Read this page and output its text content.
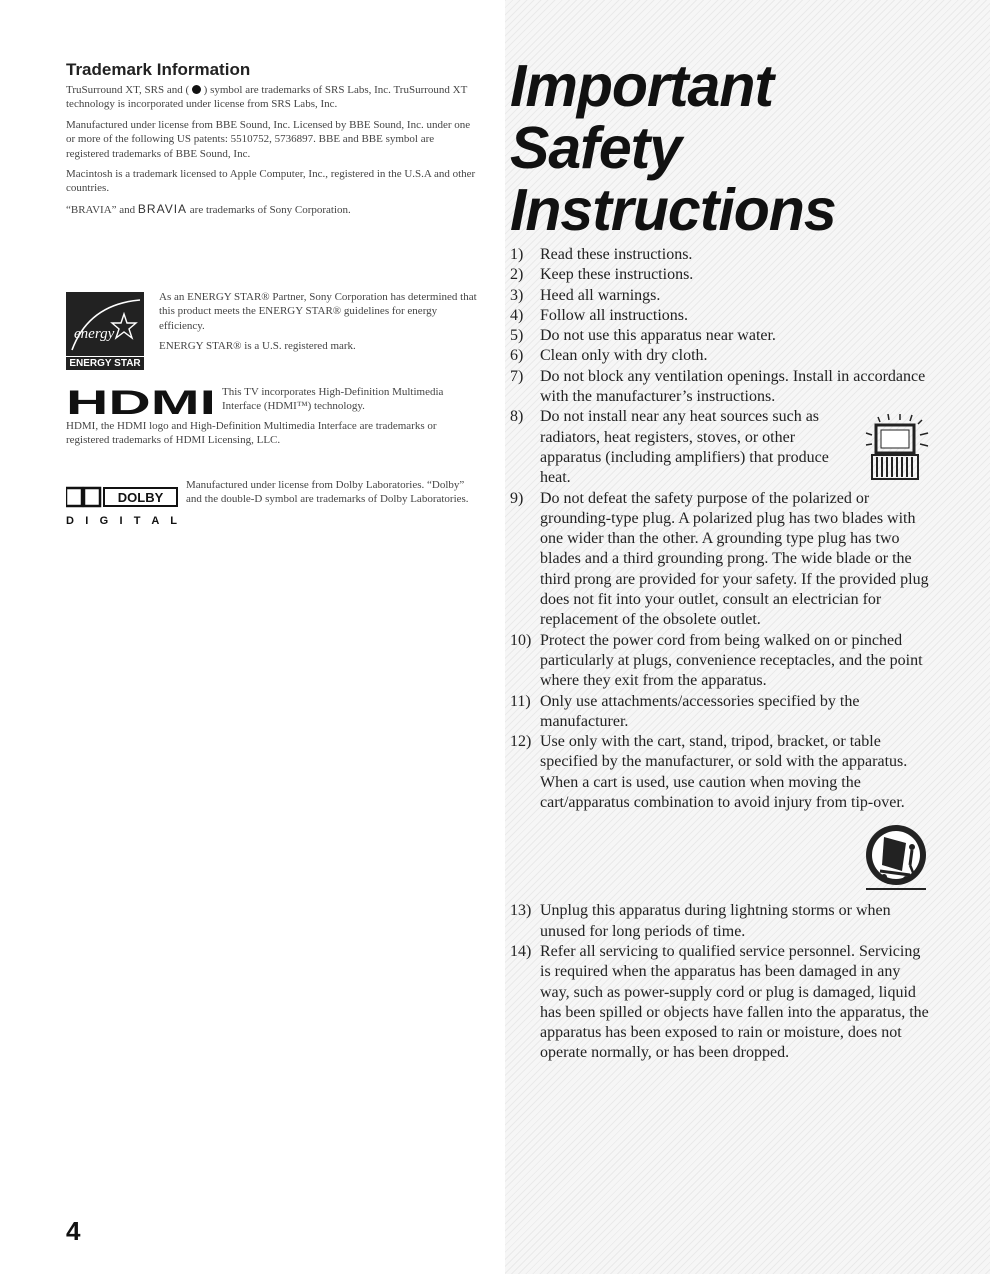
Trademark Information

TruSurround XT, SRS and ( ) symbol are trademarks of SRS Labs, Inc. TruSurround XT technology is incorporated under license from SRS Labs, Inc.

Manufactured under license from BBE Sound, Inc. Licensed by BBE Sound, Inc. under one or more of the following US patents: 5510752, 5736897. BBE and BBE symbol are registered trademarks of BBE Sound, Inc.

Macintosh is a trademark licensed to Apple Computer, Inc., registered in the U.S.A and other countries.

“BRAVIA” and BRAVIA are trademarks of Sony Corporation.

energy
ENERGY STAR

As an ENERGY STAR® Partner, Sony Corporation has determined that this product meets the ENERGY STAR® guidelines for energy efficiency.

ENERGY STAR® is a U.S. registered mark.

HDMI This TV incorporates High-Definition Multimedia Interface (HDMI™) technology.

HDMI, the HDMI logo and High-Definition Multimedia Interface are trademarks or registered trademarks of HDMI Licensing, LLC.

DOLBY
D I G I T A L

Manufactured under license from Dolby Laboratories. “Dolby” and the double-D symbol are trademarks of Dolby Laboratories.

Important
Safety
Instructions
1) Read these instructions.
2) Keep these instructions.
3) Heed all warnings.
4) Follow all instructions.
5) Do not use this apparatus near water.
6) Clean only with dry cloth.
7) Do not block any ventilation openings. Install in accordance with the manufacturer’s instructions.
8) Do not install near any heat sources such as radiators, heat registers, stoves, or other apparatus (including amplifiers) that produce heat.
9) Do not defeat the safety purpose of the polarized or grounding-type plug. A polarized plug has two blades with one wider than the other. A grounding type plug has two blades and a third grounding prong. The wide blade or the third prong are provided for your safety. If the provided plug does not fit into your outlet, consult an electrician for replacement of the obsolete outlet.
10) Protect the power cord from being walked on or pinched particularly at plugs, convenience receptacles, and the point where they exit from the apparatus.
11) Only use attachments/accessories specified by the manufacturer.
12) Use only with the cart, stand, tripod, bracket, or table specified by the manufacturer, or sold with the apparatus. When a cart is used, use caution when moving the cart/apparatus combination to avoid injury from tip-over.
13) Unplug this apparatus during lightning storms or when unused for long periods of time.
14) Refer all servicing to qualified service personnel. Servicing is required when the apparatus has been damaged in any way, such as power-supply cord or plug is damaged, liquid has been spilled or objects have fallen into the apparatus, the apparatus has been exposed to rain or moisture, does not operate normally, or has been dropped.
4
